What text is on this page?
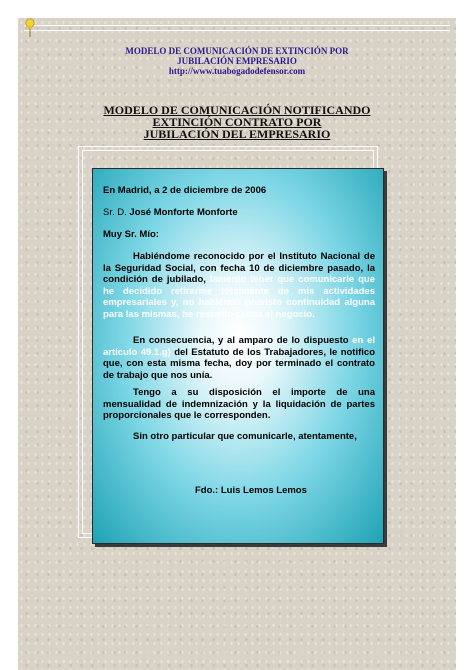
MODELO DE COMUNICACIÓN DE EXTINCIÓN POR
JUBILACIÓN EMPRESARIO
http://www.tuabogadodefensor.com
MODELO DE COMUNICACIÓN NOTIFICANDO
EXTINCIÓN CONTRATO POR
JUBILACIÓN DEL EMPRESARIO
En Madrid, a 2 de diciembre de 2006
Sr. D. José Monforte Monforte
Muy Sr. Mío:
Habiéndome reconocido por el Instituto Nacional de la Seguridad Social, con fecha 10 de diciembre pasado, la condición de jubilado, lamento tener que comunicarle que he decidido retirarme totalmente de mis actividades empresariales y, no habiendo previsto continuidad alguna para las mismas, he resuelto cerrar el negocio.
En consecuencia, y al amparo de lo dispuesto en el artículo 49.1.g) del Estatuto de los Trabajadores, le notifico que, con esta misma fecha, doy por terminado el contrato de trabajo que nos unía.
Tengo a su disposición el importe de una mensualidad de indemnización y la liquidación de partes proporcionales que le corresponden.
Sin otro particular que comunicarle, atentamente,
Fdo.: Luis Lemos Lemos
